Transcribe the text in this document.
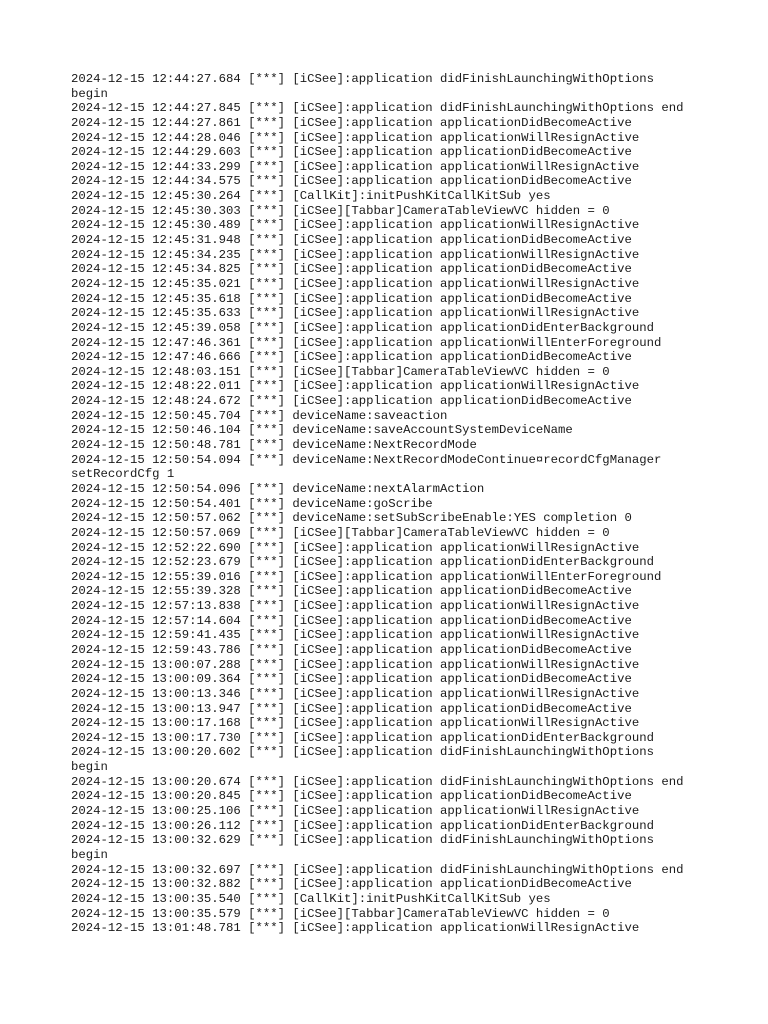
2024-12-15 12:44:27.684 [***] [iCSee]:application didFinishLaunchingWithOptions
begin
2024-12-15 12:44:27.845 [***] [iCSee]:application didFinishLaunchingWithOptions end
2024-12-15 12:44:27.861 [***] [iCSee]:application applicationDidBecomeActive
2024-12-15 12:44:28.046 [***] [iCSee]:application applicationWillResignActive
2024-12-15 12:44:29.603 [***] [iCSee]:application applicationDidBecomeActive
2024-12-15 12:44:33.299 [***] [iCSee]:application applicationWillResignActive
2024-12-15 12:44:34.575 [***] [iCSee]:application applicationDidBecomeActive
2024-12-15 12:45:30.264 [***] [CallKit]:initPushKitCallKitSub yes
2024-12-15 12:45:30.303 [***] [iCSee][Tabbar]CameraTableViewVC hidden = 0
2024-12-15 12:45:30.489 [***] [iCSee]:application applicationWillResignActive
2024-12-15 12:45:31.948 [***] [iCSee]:application applicationDidBecomeActive
2024-12-15 12:45:34.235 [***] [iCSee]:application applicationWillResignActive
2024-12-15 12:45:34.825 [***] [iCSee]:application applicationDidBecomeActive
2024-12-15 12:45:35.021 [***] [iCSee]:application applicationWillResignActive
2024-12-15 12:45:35.618 [***] [iCSee]:application applicationDidBecomeActive
2024-12-15 12:45:35.633 [***] [iCSee]:application applicationWillResignActive
2024-12-15 12:45:39.058 [***] [iCSee]:application applicationDidEnterBackground
2024-12-15 12:47:46.361 [***] [iCSee]:application applicationWillEnterForeground
2024-12-15 12:47:46.666 [***] [iCSee]:application applicationDidBecomeActive
2024-12-15 12:48:03.151 [***] [iCSee][Tabbar]CameraTableViewVC hidden = 0
2024-12-15 12:48:22.011 [***] [iCSee]:application applicationWillResignActive
2024-12-15 12:48:24.672 [***] [iCSee]:application applicationDidBecomeActive
2024-12-15 12:50:45.704 [***] deviceName:saveaction
2024-12-15 12:50:46.104 [***] deviceName:saveAccountSystemDeviceName
2024-12-15 12:50:48.781 [***] deviceName:NextRecordMode
2024-12-15 12:50:54.094 [***] deviceName:NextRecordModeContinue¤recordCfgManager
setRecordCfg 1
2024-12-15 12:50:54.096 [***] deviceName:nextAlarmAction
2024-12-15 12:50:54.401 [***] deviceName:goScribe
2024-12-15 12:50:57.062 [***] deviceName:setSubScribeEnable:YES completion 0
2024-12-15 12:50:57.069 [***] [iCSee][Tabbar]CameraTableViewVC hidden = 0
2024-12-15 12:52:22.690 [***] [iCSee]:application applicationWillResignActive
2024-12-15 12:52:23.679 [***] [iCSee]:application applicationDidEnterBackground
2024-12-15 12:55:39.016 [***] [iCSee]:application applicationWillEnterForeground
2024-12-15 12:55:39.328 [***] [iCSee]:application applicationDidBecomeActive
2024-12-15 12:57:13.838 [***] [iCSee]:application applicationWillResignActive
2024-12-15 12:57:14.604 [***] [iCSee]:application applicationDidBecomeActive
2024-12-15 12:59:41.435 [***] [iCSee]:application applicationWillResignActive
2024-12-15 12:59:43.786 [***] [iCSee]:application applicationDidBecomeActive
2024-12-15 13:00:07.288 [***] [iCSee]:application applicationWillResignActive
2024-12-15 13:00:09.364 [***] [iCSee]:application applicationDidBecomeActive
2024-12-15 13:00:13.346 [***] [iCSee]:application applicationWillResignActive
2024-12-15 13:00:13.947 [***] [iCSee]:application applicationDidBecomeActive
2024-12-15 13:00:17.168 [***] [iCSee]:application applicationWillResignActive
2024-12-15 13:00:17.730 [***] [iCSee]:application applicationDidEnterBackground
2024-12-15 13:00:20.602 [***] [iCSee]:application didFinishLaunchingWithOptions
begin
2024-12-15 13:00:20.674 [***] [iCSee]:application didFinishLaunchingWithOptions end
2024-12-15 13:00:20.845 [***] [iCSee]:application applicationDidBecomeActive
2024-12-15 13:00:25.106 [***] [iCSee]:application applicationWillResignActive
2024-12-15 13:00:26.112 [***] [iCSee]:application applicationDidEnterBackground
2024-12-15 13:00:32.629 [***] [iCSee]:application didFinishLaunchingWithOptions
begin
2024-12-15 13:00:32.697 [***] [iCSee]:application didFinishLaunchingWithOptions end
2024-12-15 13:00:32.882 [***] [iCSee]:application applicationDidBecomeActive
2024-12-15 13:00:35.540 [***] [CallKit]:initPushKitCallKitSub yes
2024-12-15 13:00:35.579 [***] [iCSee][Tabbar]CameraTableViewVC hidden = 0
2024-12-15 13:01:48.781 [***] [iCSee]:application applicationWillResignActive
